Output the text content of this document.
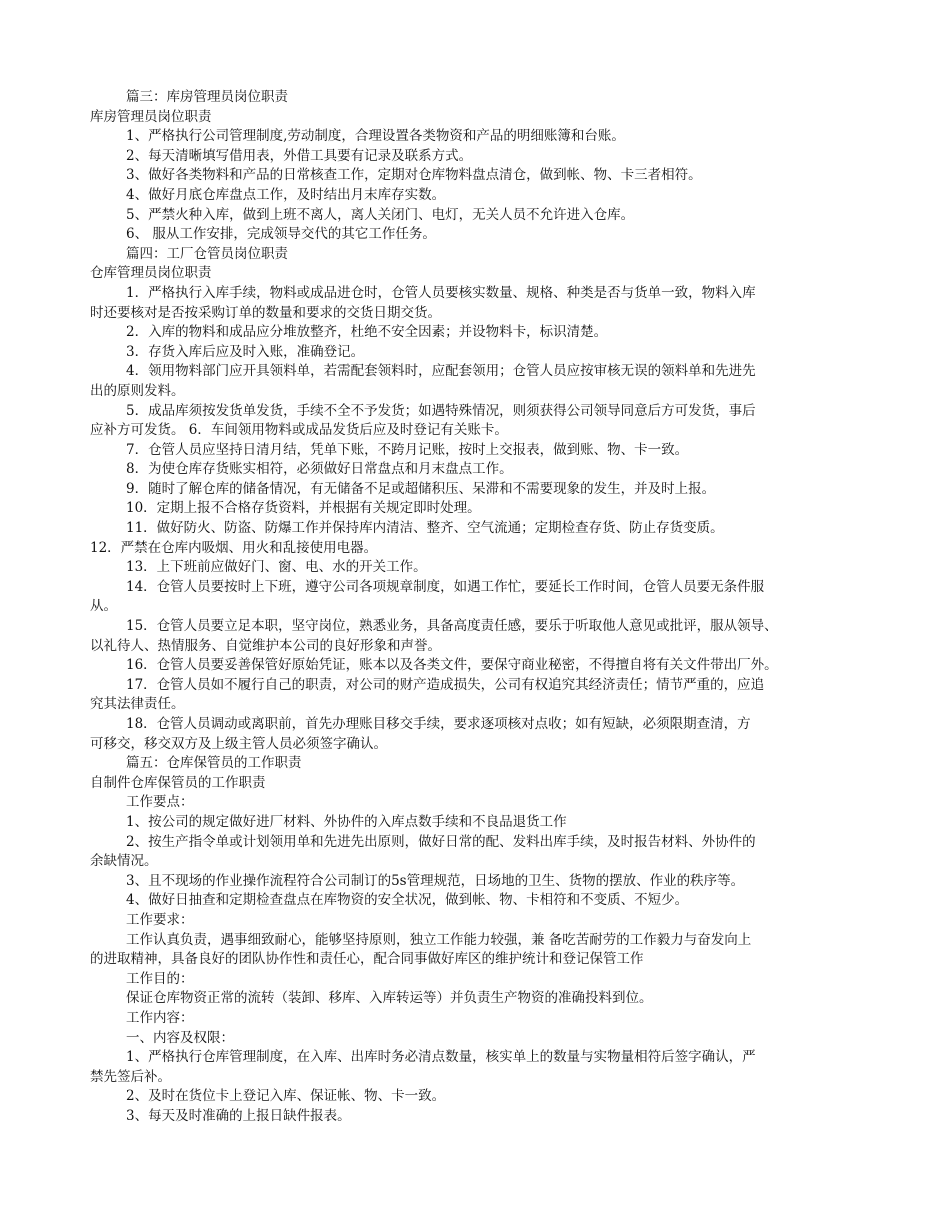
篇三：库房管理员岗位职责
库房管理员岗位职责
1、严格执行公司管理制度,劳动制度，合理设置各类物资和产品的明细账簿和台账。
2、每天清晰填写借用表，外借工具要有记录及联系方式。
3、做好各类物料和产品的日常核查工作，定期对仓库物料盘点清仓，做到帐、物、卡三者相符。
4、做好月底仓库盘点工作，及时结出月末库存实数。
5、严禁火种入库，做到上班不离人，离人关闭门、电灯，无关人员不允许进入仓库。
6、 服从工作安排，完成领导交代的其它工作任务。
篇四：工厂仓管员岗位职责
仓库管理员岗位职责
1．严格执行入库手续，物料或成品进仓时，仓管人员要核实数量、规格、种类是否与货单一致，物料入库
时还要核对是否按采购订单的数量和要求的交货日期交货。
2．入库的物料和成品应分堆放整齐，杜绝不安全因素；并设物料卡，标识清楚。
3．存货入库后应及时入账，准确登记。
4．领用物料部门应开具领料单，若需配套领料时，应配套领用；仓管人员应按审核无误的领料单和先进先
出的原则发料。
5．成品库须按发货单发货，手续不全不予发货；如遇特殊情况，则须获得公司领导同意后方可发货，事后
应补方可发货。 6．车间领用物料或成品发货后应及时登记有关账卡。
7．仓管人员应坚持日清月结，凭单下账，不跨月记账，按时上交报表，做到账、物、卡一致。
8．为使仓库存货账实相符，必须做好日常盘点和月末盘点工作。
9．随时了解仓库的储备情况，有无储备不足或超储积压、呆滞和不需要现象的发生，并及时上报。
10．定期上报不合格存货资料，并根据有关规定即时处理。
11．做好防火、防盗、防爆工作并保持库内清洁、整齐、空气流通；定期检查存货、防止存货变质。
12．严禁在仓库内吸烟、用火和乱接使用电器。
13．上下班前应做好门、窗、电、水的开关工作。
14．仓管人员要按时上下班，遵守公司各项规章制度，如遇工作忙，要延长工作时间，仓管人员要无条件服
从。
15．仓管人员要立足本职，坚守岗位，熟悉业务，具备高度责任感，要乐于听取他人意见或批评，服从领导、
以礼待人、热情服务、自觉维护本公司的良好形象和声誉。
16．仓管人员要妥善保管好原始凭证，账本以及各类文件，要保守商业秘密，不得擅自将有关文件带出厂外。
17．仓管人员如不履行自己的职责，对公司的财产造成损失，公司有权追究其经济责任；情节严重的，应追
究其法律责任。
18．仓管人员调动或离职前，首先办理账目移交手续，要求逐项核对点收；如有短缺，必须限期查清，方
可移交，移交双方及上级主管人员必须签字确认。
篇五：仓库保管员的工作职责
自制件仓库保管员的工作职责
工作要点：
1、按公司的规定做好进厂材料、外协件的入库点数手续和不良品退货工作
2、按生产指令单或计划领用单和先进先出原则，做好日常的配、发料出库手续，及时报告材料、外协件的
余缺情况。
3、且不现场的作业操作流程符合公司制订的5s管理规范，日场地的卫生、货物的摆放、作业的秩序等。
4、做好日抽查和定期检查盘点在库物资的安全状况，做到帐、物、卡相符和不变质、不短少。
工作要求：
工作认真负责，遇事细致耐心，能够坚持原则，独立工作能力较强，兼 备吃苦耐劳的工作毅力与奋发向上
的进取精神，具备良好的团队协作性和责任心，配合同事做好库区的维护统计和登记保管工作
工作目的：
保证仓库物资正常的流转（装卸、移库、入库转运等）并负责生产物资的准确投料到位。
工作内容：
一、内容及权限：
1、严格执行仓库管理制度，在入库、出库时务必清点数量，核实单上的数量与实物量相符后签字确认，严
禁先签后补。
2、及时在货位卡上登记入库、保证帐、物、卡一致。
3、每天及时准确的上报日缺件报表。
